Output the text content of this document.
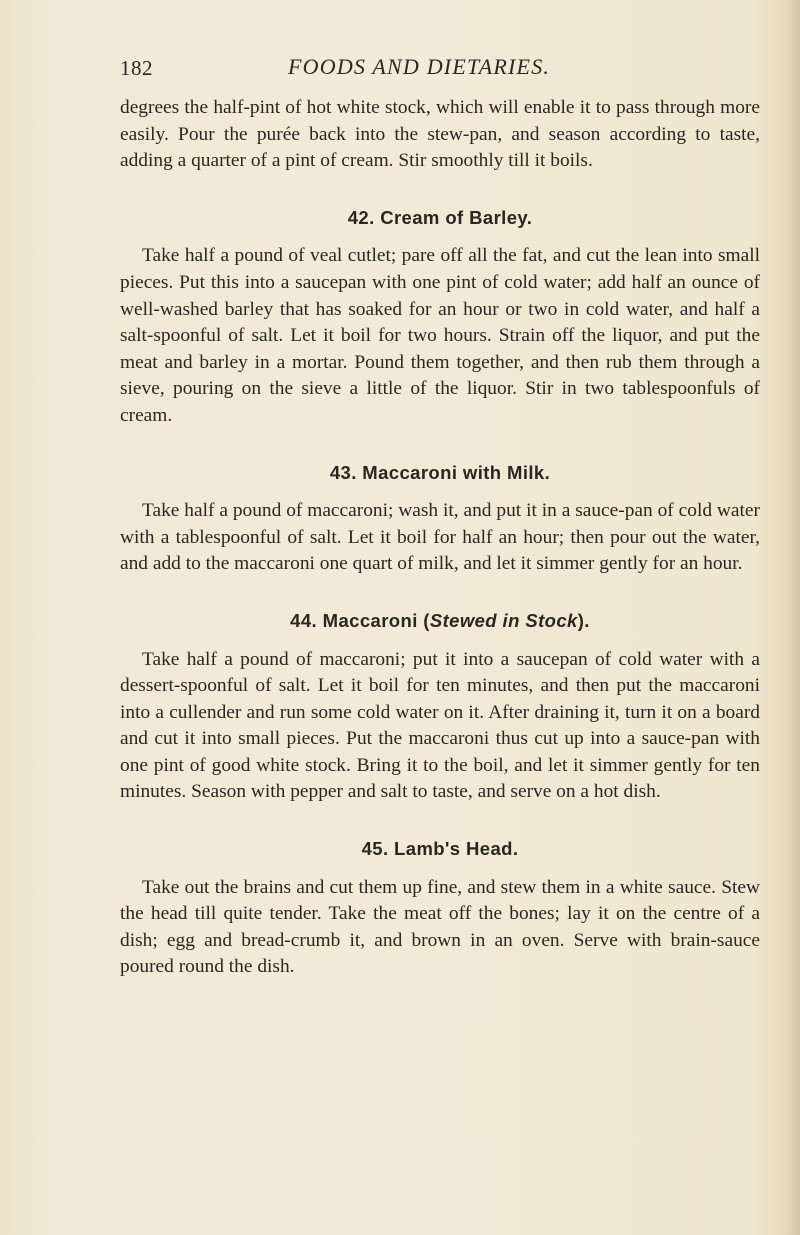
182	FOODS AND DIETARIES.

degrees the half-pint of hot white stock, which will enable it to pass through more easily. Pour the purée back into the stew-pan, and season according to taste, adding a quarter of a pint of cream. Stir smoothly till it boils.

42. Cream of Barley.

Take half a pound of veal cutlet; pare off all the fat, and cut the lean into small pieces. Put this into a saucepan with one pint of cold water; add half an ounce of well-washed barley that has soaked for an hour or two in cold water, and half a salt-spoonful of salt. Let it boil for two hours. Strain off the liquor, and put the meat and barley in a mortar. Pound them together, and then rub them through a sieve, pouring on the sieve a little of the liquor. Stir in two tablespoonfuls of cream.

43. Maccaroni with Milk.

Take half a pound of maccaroni; wash it, and put it in a sauce-pan of cold water with a tablespoonful of salt. Let it boil for half an hour; then pour out the water, and add to the maccaroni one quart of milk, and let it simmer gently for an hour.

44. Maccaroni (Stewed in Stock).

Take half a pound of maccaroni; put it into a saucepan of cold water with a dessert-spoonful of salt. Let it boil for ten minutes, and then put the maccaroni into a cullender and run some cold water on it. After draining it, turn it on a board and cut it into small pieces. Put the maccaroni thus cut up into a sauce-pan with one pint of good white stock. Bring it to the boil, and let it simmer gently for ten minutes. Season with pepper and salt to taste, and serve on a hot dish.

45. Lamb's Head.

Take out the brains and cut them up fine, and stew them in a white sauce. Stew the head till quite tender. Take the meat off the bones; lay it on the centre of a dish; egg and bread-crumb it, and brown in an oven. Serve with brain-sauce poured round the dish.
